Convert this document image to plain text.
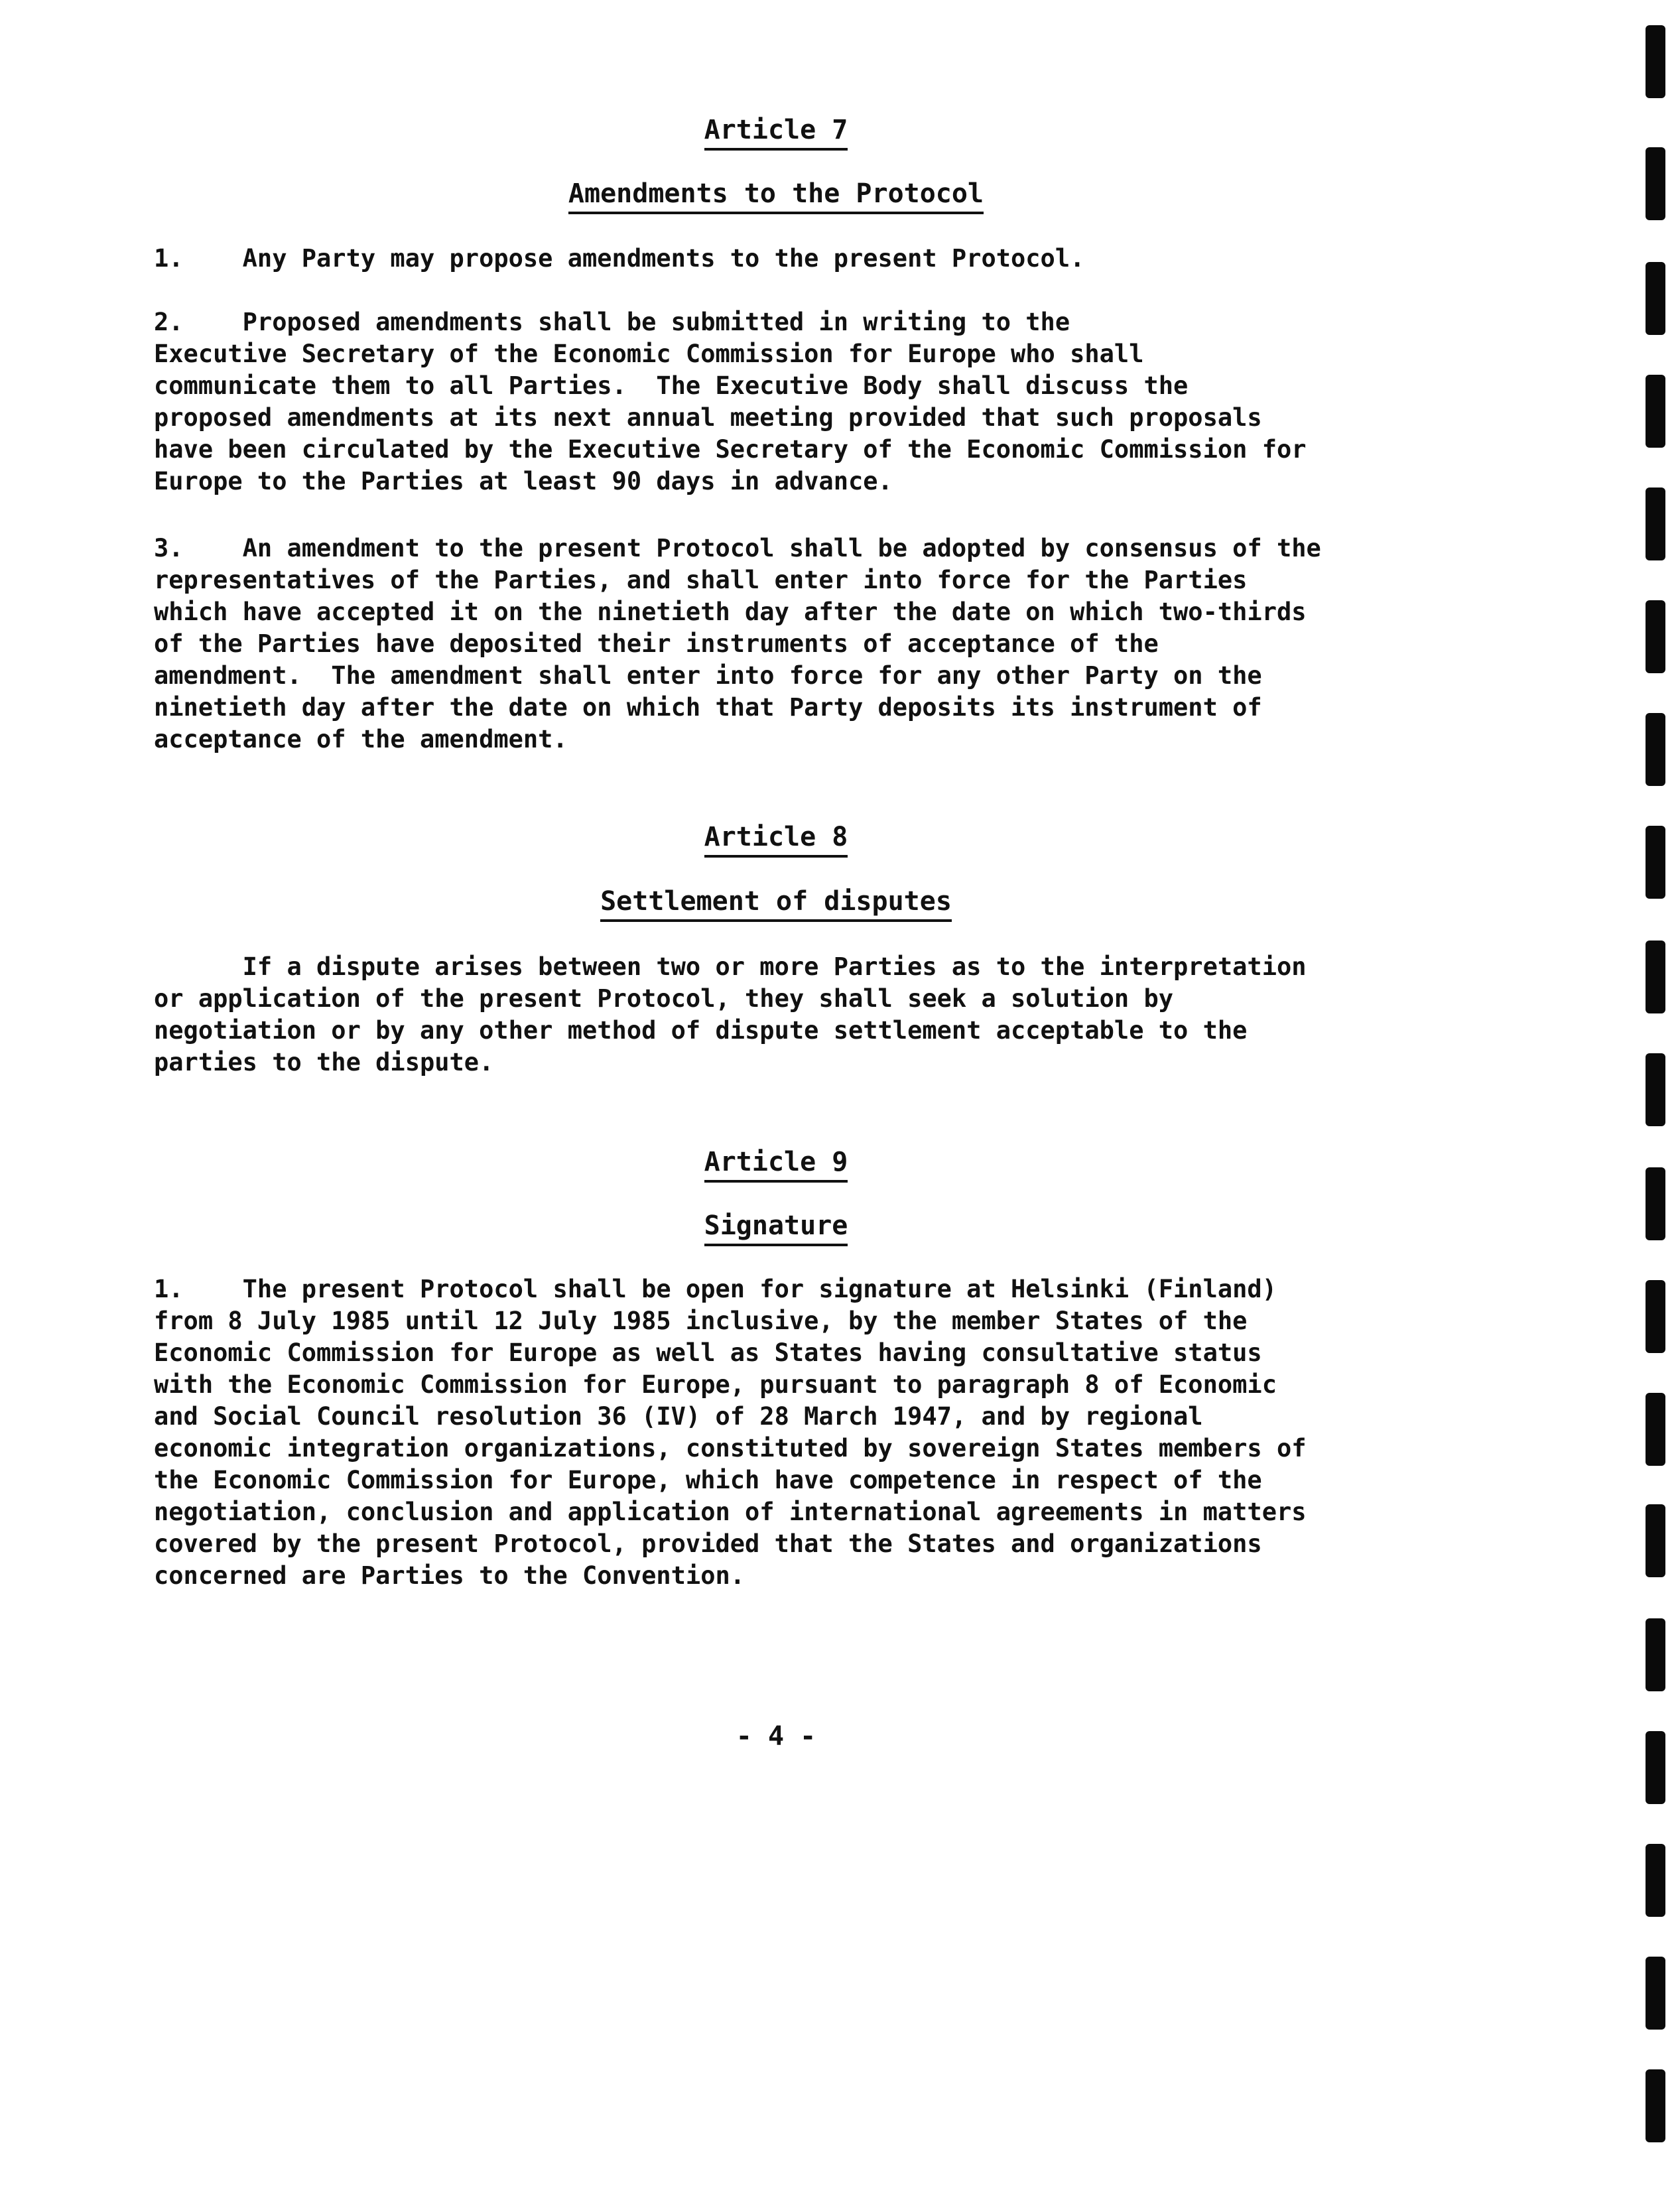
Article 7
Amendments to the Protocol
1.    Any Party may propose amendments to the present Protocol.
2.    Proposed amendments shall be submitted in writing to the
Executive Secretary of the Economic Commission for Europe who shall
communicate them to all Parties.  The Executive Body shall discuss the
proposed amendments at its next annual meeting provided that such proposals
have been circulated by the Executive Secretary of the Economic Commission for
Europe to the Parties at least 90 days in advance.
3.    An amendment to the present Protocol shall be adopted by consensus of the
representatives of the Parties, and shall enter into force for the Parties
which have accepted it on the ninetieth day after the date on which two-thirds
of the Parties have deposited their instruments of acceptance of the
amendment.  The amendment shall enter into force for any other Party on the
ninetieth day after the date on which that Party deposits its instrument of
acceptance of the amendment.
Article 8
Settlement of disputes
If a dispute arises between two or more Parties as to the interpretation
or application of the present Protocol, they shall seek a solution by
negotiation or by any other method of dispute settlement acceptable to the
parties to the dispute.
Article 9
Signature
1.    The present Protocol shall be open for signature at Helsinki (Finland)
from 8 July 1985 until 12 July 1985 inclusive, by the member States of the
Economic Commission for Europe as well as States having consultative status
with the Economic Commission for Europe, pursuant to paragraph 8 of Economic
and Social Council resolution 36 (IV) of 28 March 1947, and by regional
economic integration organizations, constituted by sovereign States members of
the Economic Commission for Europe, which have competence in respect of the
negotiation, conclusion and application of international agreements in matters
covered by the present Protocol, provided that the States and organizations
concerned are Parties to the Convention.
- 4 -
